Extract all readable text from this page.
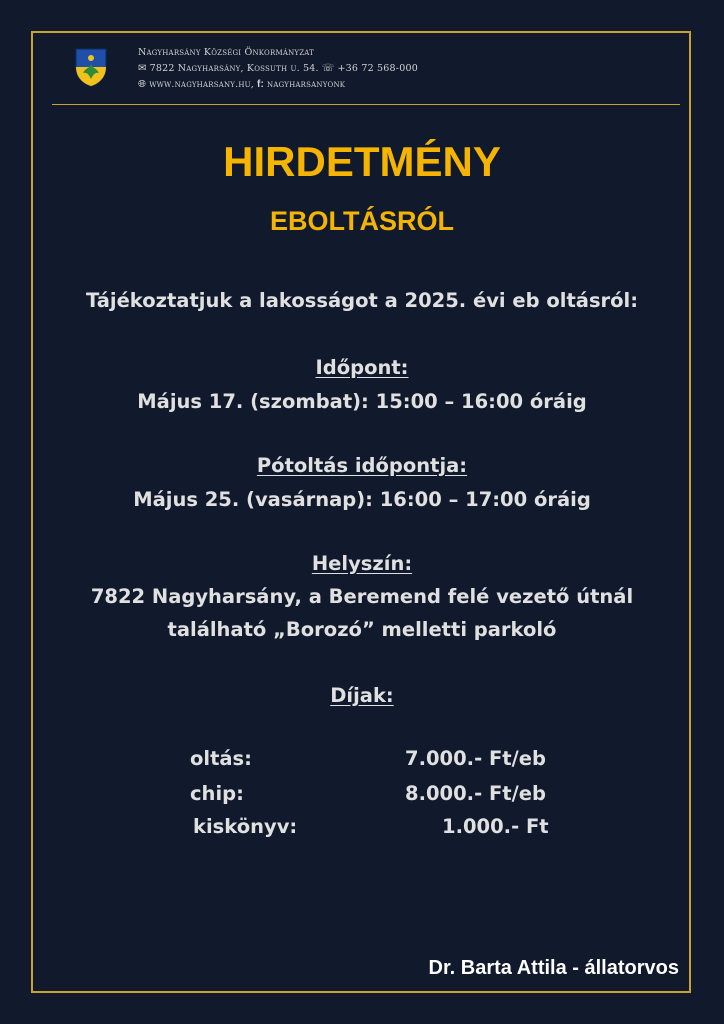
Nagyharsány Községi Önkormányzat
✉ 7822 Nagyharsány, Kossuth u. 54. ☏ +36 72 568-000
🌐︎ www.nagyharsany.hu, f: nagyharsanyonk
HIRDETMÉNY
EBOLTÁSRÓL
Tájékoztatjuk a lakosságot a 2025. évi eb oltásról:
Időpont:
Május 17. (szombat): 15:00 – 16:00 óráig
Pótoltás időpontja:
Május 25. (vasárnap): 16:00 – 17:00 óráig
Helyszín:
7822 Nagyharsány, a Beremend felé vezető útnál
található „Borozó” melletti parkoló
Díjak:
oltás:	7.000.- Ft/eb
chip:	8.000.- Ft/eb
kiskönyv:	1.000.- Ft
Dr. Barta Attila - állatorvos
